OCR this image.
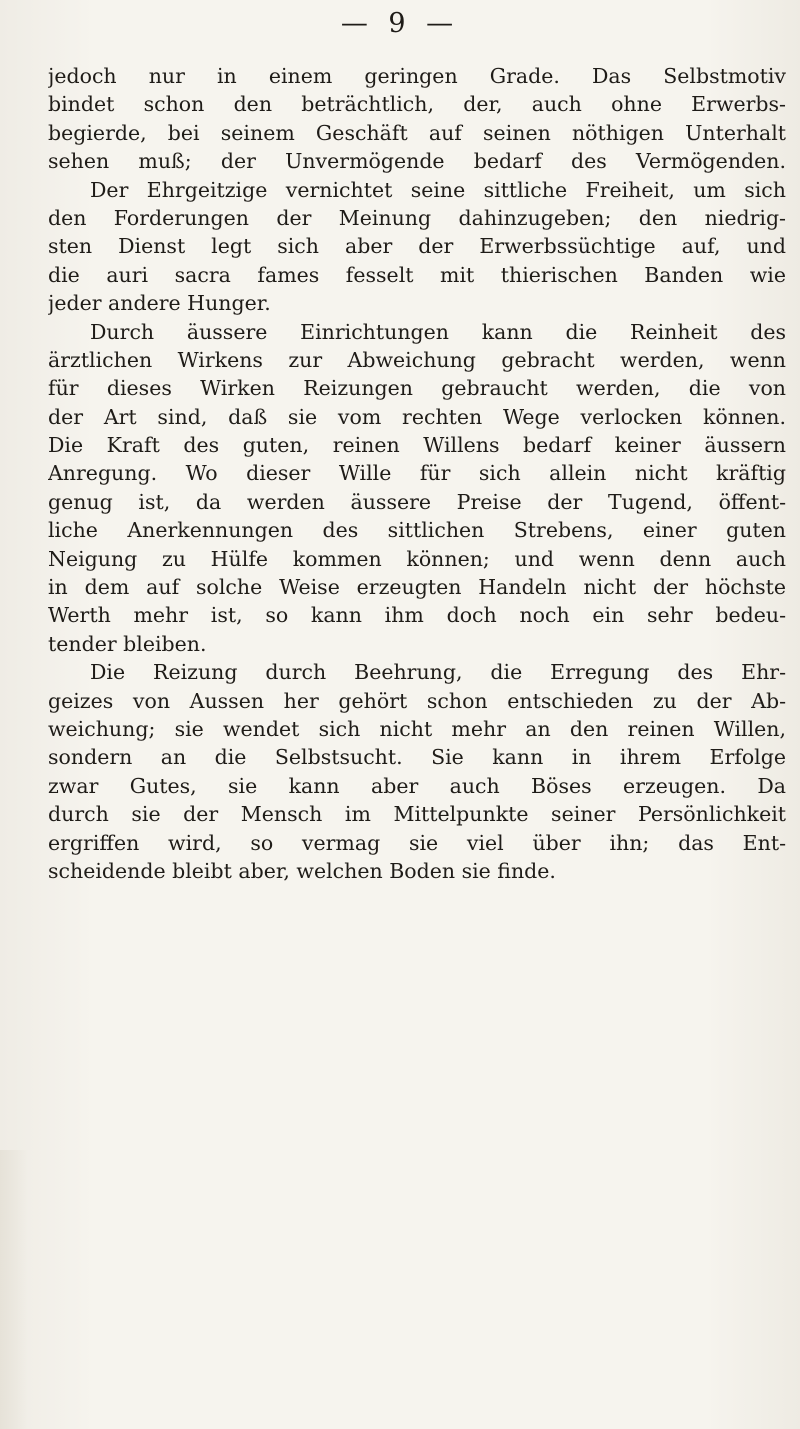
— 9 —
jedoch nur in einem geringen Grade. Das Selbstmotiv
bindet schon den beträchtlich, der, auch ohne Erwerbs-
begierde, bei seinem Geschäft auf seinen nöthigen Unterhalt
sehen muß; der Unvermögende bedarf des Vermögenden.
Der Ehrgeitzige vernichtet seine sittliche Freiheit, um sich
den Forderungen der Meinung dahinzugeben; den niedrig-
sten Dienst legt sich aber der Erwerbssüchtige auf, und
die auri sacra fames fesselt mit thierischen Banden wie
jeder andere Hunger.
Durch äussere Einrichtungen kann die Reinheit des
ärztlichen Wirkens zur Abweichung gebracht werden, wenn
für dieses Wirken Reizungen gebraucht werden, die von
der Art sind, daß sie vom rechten Wege verlocken können.
Die Kraft des guten, reinen Willens bedarf keiner äussern
Anregung. Wo dieser Wille für sich allein nicht kräftig
genug ist, da werden äussere Preise der Tugend, öffent-
liche Anerkennungen des sittlichen Strebens, einer guten
Neigung zu Hülfe kommen können; und wenn denn auch
in dem auf solche Weise erzeugten Handeln nicht der höchste
Werth mehr ist, so kann ihm doch noch ein sehr bedeu-
tender bleiben.
Die Reizung durch Beehrung, die Erregung des Ehr-
geizes von Aussen her gehört schon entschieden zu der Ab-
weichung; sie wendet sich nicht mehr an den reinen Willen,
sondern an die Selbstsucht. Sie kann in ihrem Erfolge
zwar Gutes, sie kann aber auch Böses erzeugen. Da
durch sie der Mensch im Mittelpunkte seiner Persönlichkeit
ergriffen wird, so vermag sie viel über ihn; das Ent-
scheidende bleibt aber, welchen Boden sie finde.
